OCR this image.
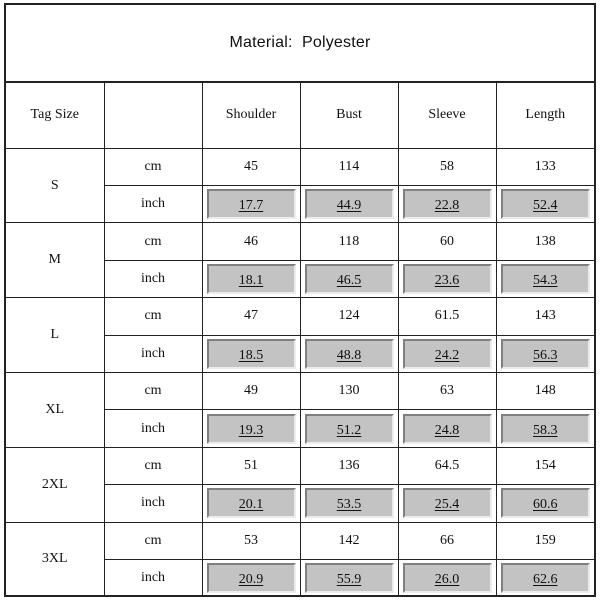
Material:  Polyester
Tag Size		Shoulder	Bust	Sleeve	Length
S	cm	45	114	58	133
	inch	17.7	44.9	22.8	52.4

M	cm	46	118	60	138
	inch	18.1	46.5	23.6	54.3

L	cm	47	124	61.5	143
	inch	18.5	48.8	24.2	56.3

XL	cm	49	130	63	148
	inch	19.3	51.2	24.8	58.3

2XL	cm	51	136	64.5	154
	inch	20.1	53.5	25.4	60.6

3XL	cm	53	142	66	159
	inch	20.9	55.9	26.0	62.6
